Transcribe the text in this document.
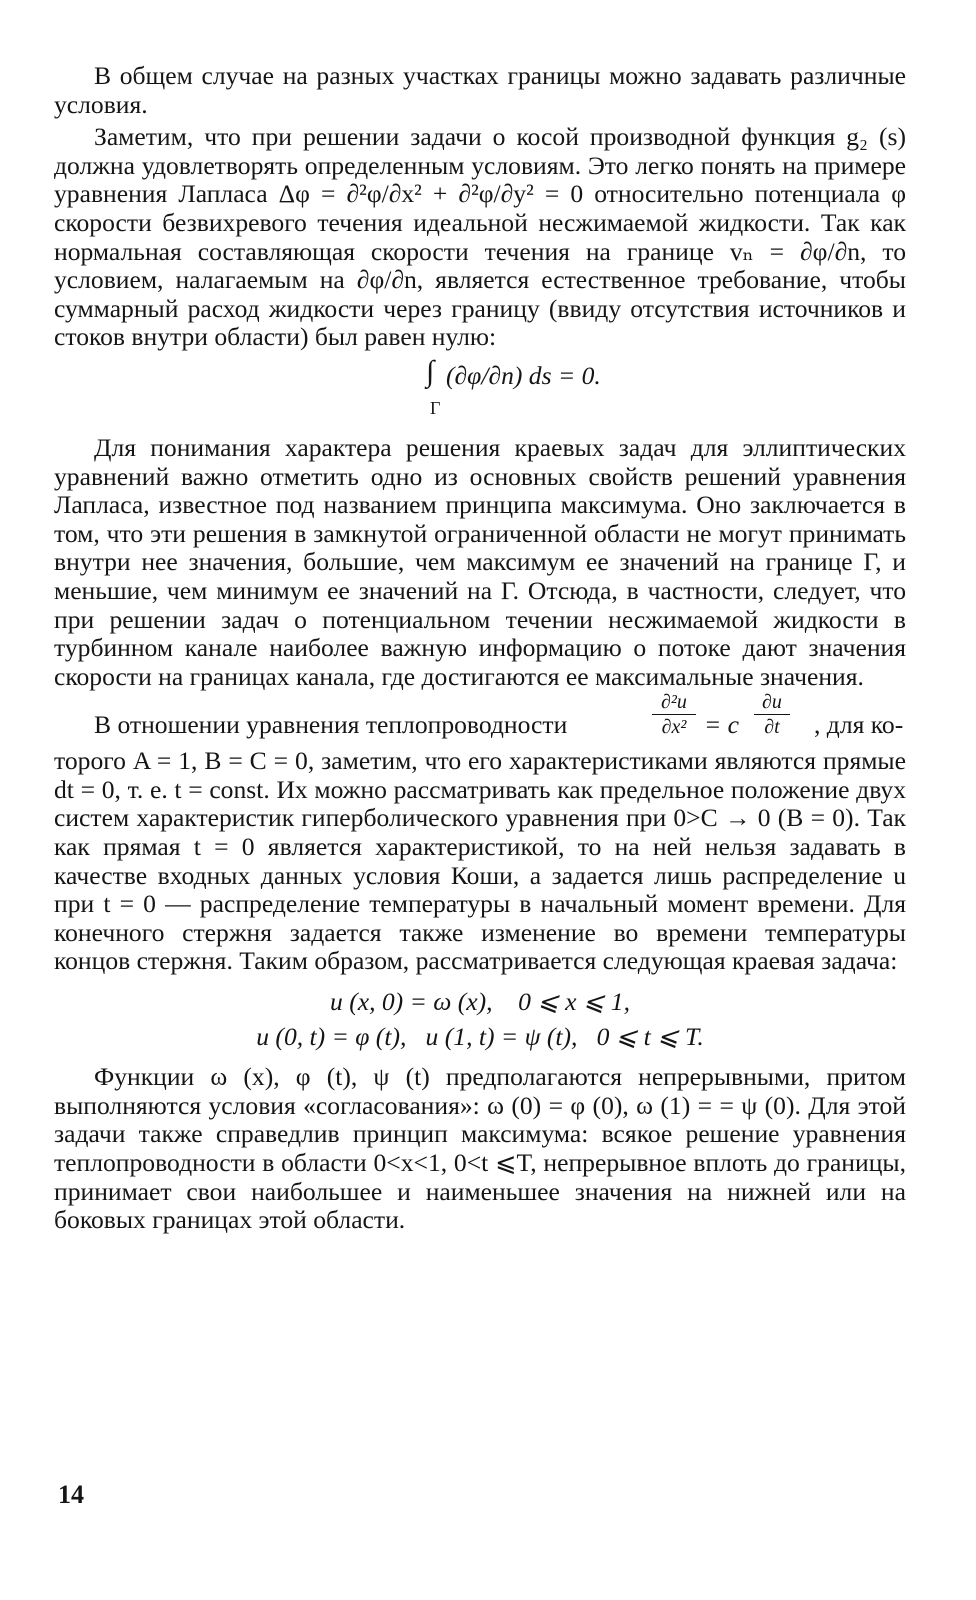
В общем случае на разных участках границы можно задавать различные условия.

Заметим, что при решении задачи о косой производной функция g₂ (s) должна удовлетворять определенным условиям. Это легко понять на примере уравнения Лапласа Δφ = ∂²φ/∂x² + ∂²φ/∂y² = 0 относительно потенциала φ скорости безвихревого течения идеальной несжимаемой жидкости. Так как нормальная составляющая скорости течения на границе vₙ = ∂φ/∂n, то условием, налагаемым на ∂φ/∂n, является естественное требование, чтобы суммарный расход жидкости через границу (ввиду отсутствия источников и стоков внутри области) был равен нулю:

∫
Γ
(∂φ/∂n) ds = 0.

Для понимания характера решения краевых задач для эллиптических уравнений важно отметить одно из основных свойств решений уравнения Лапласа, известное под названием принципа максимума. Оно заключается в том, что эти решения в замкнутой ограниченной области не могут принимать внутри нее значения, большие, чем максимум ее значений на границе Γ, и меньшие, чем минимум ее значений на Γ. Отсюда, в частности, следует, что при решении задач о потенциальном течении несжимаемой жидкости в турбинном канале наиболее важную информацию о потоке дают значения скорости на границах канала, где достигаются ее максимальные значения.

В отношении уравнения теплопроводности
∂²u
∂x² = c
∂u
∂t	, для ко-

торого A = 1, B = C = 0, заметим, что его характеристиками являются прямые dt = 0, т. е. t = const. Их можно рассматривать как предельное положение двух систем характеристик гиперболического уравнения при 0>C → 0 (B = 0). Так как прямая t = 0 является характеристикой, то на ней нельзя задавать в качестве входных данных условия Коши, а задается лишь распределение u при t = 0 — распределение температуры в начальный момент времени. Для конечного стержня задается также изменение во времени температуры концов стержня. Таким образом, рассматривается следующая краевая задача:

u (x, 0) = ω (x),    0 ⩽ x ⩽ 1,
u (0, t) = φ (t),   u (1, t) = ψ (t),   0 ⩽ t ⩽ T.

Функции ω (x), φ (t), ψ (t) предполагаются непрерывными, притом выполняются условия «согласования»: ω (0) = φ (0), ω (1) = = ψ (0). Для этой задачи также справедлив принцип максимума: всякое решение уравнения теплопроводности в области 0<x<1, 0<t ⩽T, непрерывное вплоть до границы, принимает свои наибольшее и наименьшее значения на нижней или на боковых границах этой области.

14
